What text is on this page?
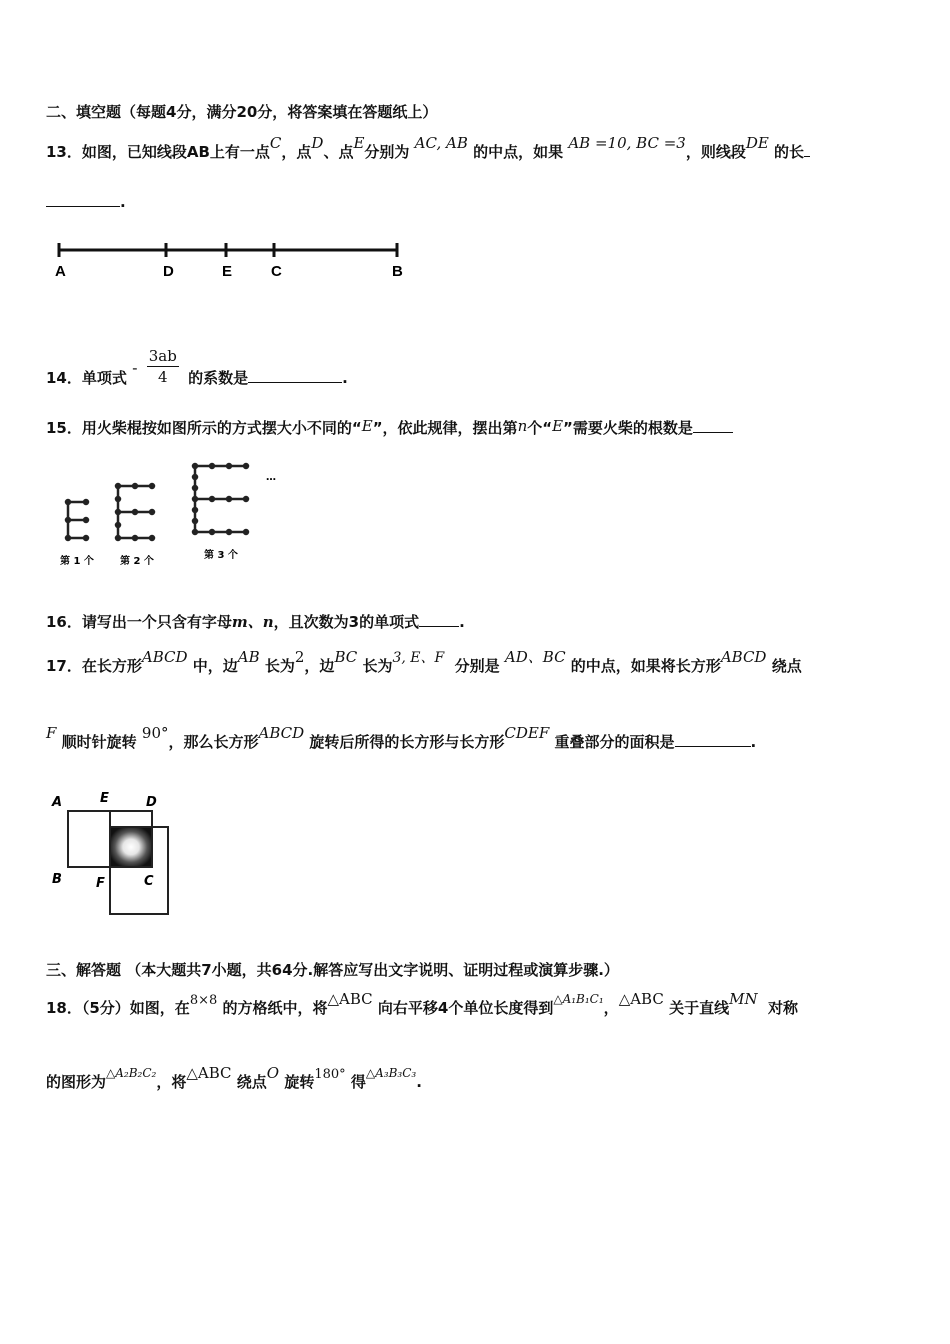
二、填空题（每题4分，满分20分，将答案填在答题纸上）
13．如图，已知线段AB上有一点C，点D、点E分别为 AC, AB 的中点，如果 AB =10, BC =3，则线段DE 的长
.
A	D	E	C	B
14．单项式 - $\frac{3ab}{4}$ 的系数是	.
15．用火柴棍按如图所示的方式摆大小不同的“E”，依此规律，摆出第n个“E”需要火柴的根数是
…
第 1 个	第 2 个
第 3 个
16．请写出一个只含有字母m、n，且次数为3的单项式	.
17．在长方形ABCD 中，边AB 长为2，边BC 长为3, E、F 分别是 AD、BC 的中点，如果将长方形ABCD 绕点
F 顺时针旋转 90°，那么长方形ABCD 旋转后所得的长方形与长方形CDEF 重叠部分的面积是	.
A	E	D
B	F	C
三、解答题 （本大题共7小题，共64分.解答应写出文字说明、证明过程或演算步骤.）
18．（5分）如图，在8×8 的方格纸中，将△ABC 向右平移4个单位长度得到$^{\triangle A_1B_1C_1}$，△ABC 关于直线MN 对称
的图形为$^{\triangle A_2B_2C_2}$，将△ABC 绕点O 旋转180° 得$^{\triangle A_3B_3C_3}$.
